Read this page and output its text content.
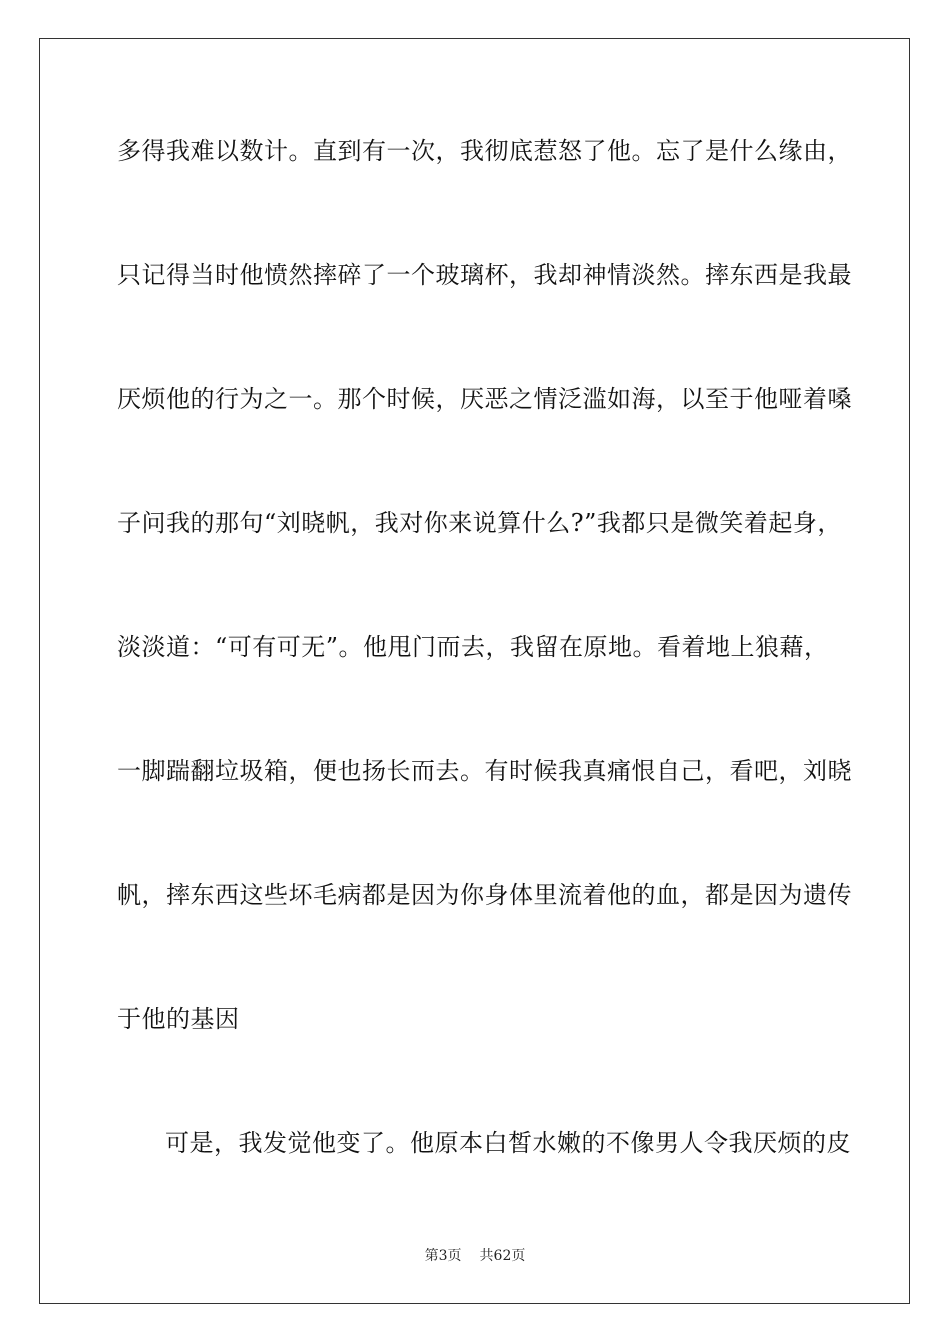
多得我难以数计。直到有一次，我彻底惹怒了他。忘了是什么缘由，
只记得当时他愤然摔碎了一个玻璃杯，我却神情淡然。摔东西是我最
厌烦他的行为之一。那个时候，厌恶之情泛滥如海，以至于他哑着嗓
子问我的那句“刘晓帆，我对你来说算什么?”我都只是微笑着起身，
淡淡道：“可有可无”。他甩门而去，我留在原地。看着地上狼藉，
一脚踹翻垃圾箱，便也扬长而去。有时候我真痛恨自己，看吧，刘晓
帆，摔东西这些坏毛病都是因为你身体里流着他的血，都是因为遗传
于他的基因
可是，我发觉他变了。他原本白皙水嫩的不像男人令我厌烦的皮
第3页 共62页
